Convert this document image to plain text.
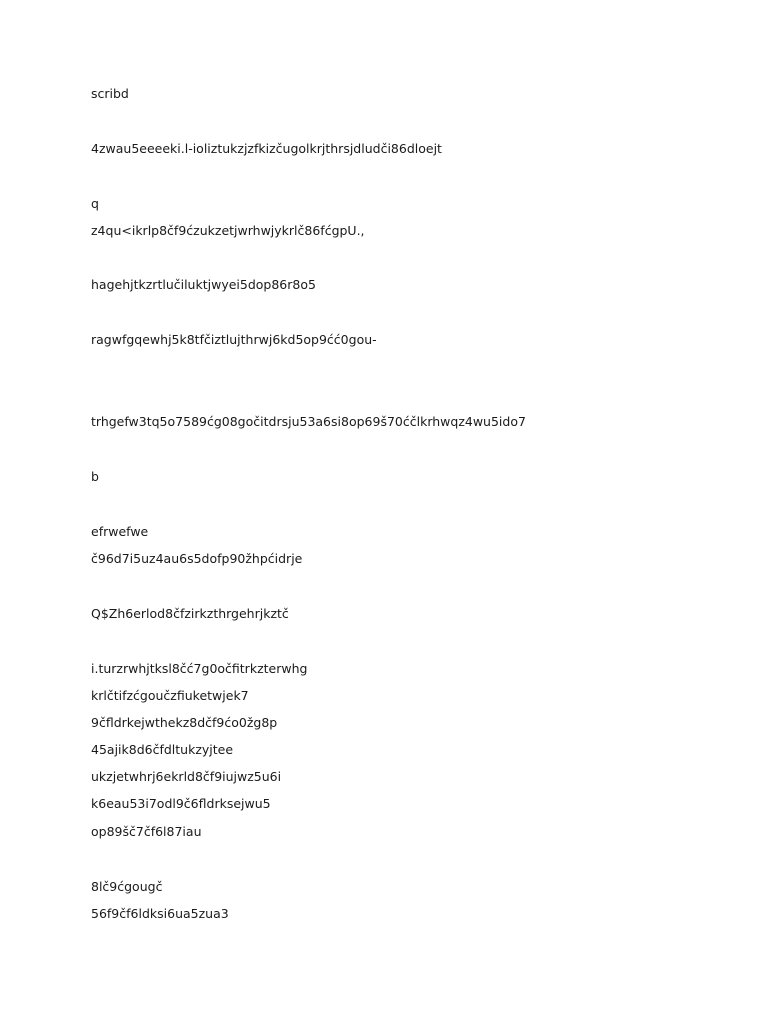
scribd

4zwau5eeeeki.l-ioliztukzjzfkizčugolkrjthrsjdludči86dloejt

q

z4qu<ikrlp8čf9ćzukzetjwrhwjykrlč86fćgpU.,

hagehjtkzrtlučiluktjwyei5dop86r8o5

ragwfgqewhj5k8tfčiztlujthrwj6kd5op9ćć0gou-

trhgefw3tq5o7589ćg08gočitdrsju53a6si8op69š70ćčlkrhwqz4wu5ido7

b

efrwefwe

č96d7i5uz4au6s5dofp90žhpćidrje

Q$Zh6erlod8čfzirkzthrgehrjkztč

i.turzrwhjtksl8čć7g0očfitrkzterwhg

krlčtifzćgoučzfiuketwjek7

9čfldrkejwthekz8dčf9ćo0žg8p

45ajik8d6čfdltukzyjtee

ukzjetwhrj6ekrld8čf9iujwz5u6i

k6eau53i7odl9č6fldrksejwu5

op89šč7čf6l87iau

8lč9ćgougč

56f9čf6ldksi6ua5zua3
